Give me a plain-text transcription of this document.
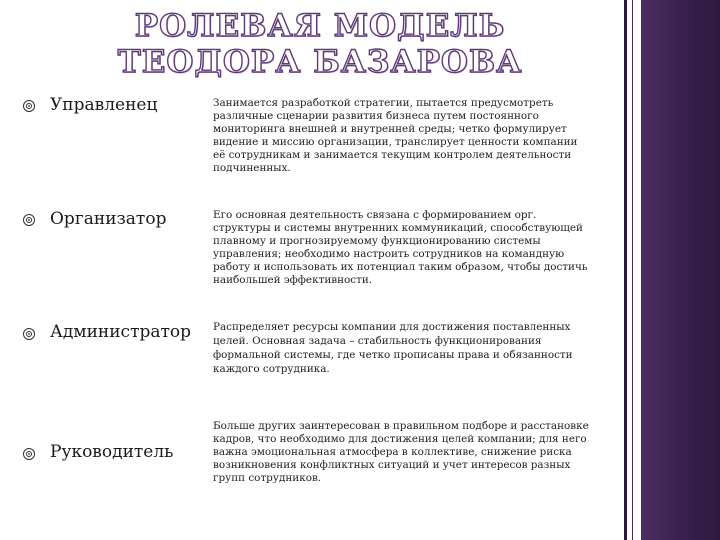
РОЛЕВАЯ МОДЕЛЬ ТЕОДОРА БАЗАРОВА
Управленец	Занимается разработкой стратегии, пытается предусмотреть
различные сценарии развития бизнеса путем постоянного
мониторинга внешней и внутренней среды; четко формулирует
видение и миссию организации, транслирует ценности компании
её сотрудникам и занимается текущим контролем деятельности
подчиненных.
Организатор	Его основная деятельность связана с формированием орг.
структуры и системы внутренних коммуникаций, способствующей
плавному и прогнозируемому функционированию системы
управления; необходимо настроить сотрудников на командную
работу и использовать их потенциал таким образом, чтобы достичь
наибольшей эффективности.
Администратор Распределяет ресурсы компании для достижения поставленных
целей. Основная задача – стабильность функционирования
формальной системы, где четко прописаны права и обязанности
каждого сотрудника.
Руководитель
Больше других заинтересован в правильном подборе и расстановке
кадров, что необходимо для достижения целей компании; для него
важна эмоциональная атмосфера в коллективе, снижение риска
возникновения конфликтных ситуаций и учет интересов разных
групп сотрудников.
